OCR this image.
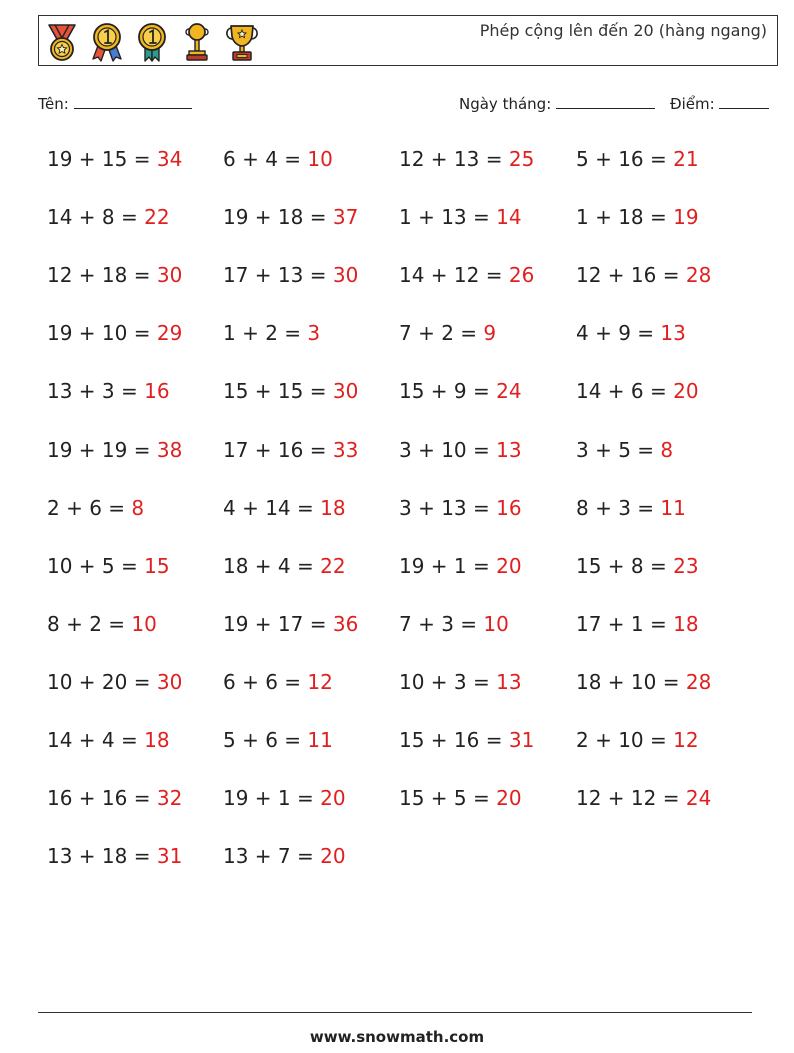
Phép cộng lên đến 20 (hàng ngang)
Tên:	Ngày tháng:	Điểm:
19 + 15 = 34 6 + 4 = 10	12 + 13 = 25 5 + 16 = 21
14 + 8 = 22	19 + 18 = 37 1 + 13 = 14	1 + 18 = 19
12 + 18 = 30 17 + 13 = 30 14 + 12 = 26 12 + 16 = 28
19 + 10 = 29 1 + 2 = 3	7 + 2 = 9	4 + 9 = 13
13 + 3 = 16	15 + 15 = 30 15 + 9 = 24	14 + 6 = 20
19 + 19 = 38 17 + 16 = 33 3 + 10 = 13	3 + 5 = 8
2 + 6 = 8	4 + 14 = 18	3 + 13 = 16	8 + 3 = 11
10 + 5 = 15	18 + 4 = 22	19 + 1 = 20	15 + 8 = 23
8 + 2 = 10	19 + 17 = 36 7 + 3 = 10	17 + 1 = 18
10 + 20 = 30 6 + 6 = 12	10 + 3 = 13	18 + 10 = 28
14 + 4 = 18	5 + 6 = 11	15 + 16 = 31 2 + 10 = 12
16 + 16 = 32 19 + 1 = 20	15 + 5 = 20	12 + 12 = 24
13 + 18 = 31 13 + 7 = 20
www.snowmath.com
